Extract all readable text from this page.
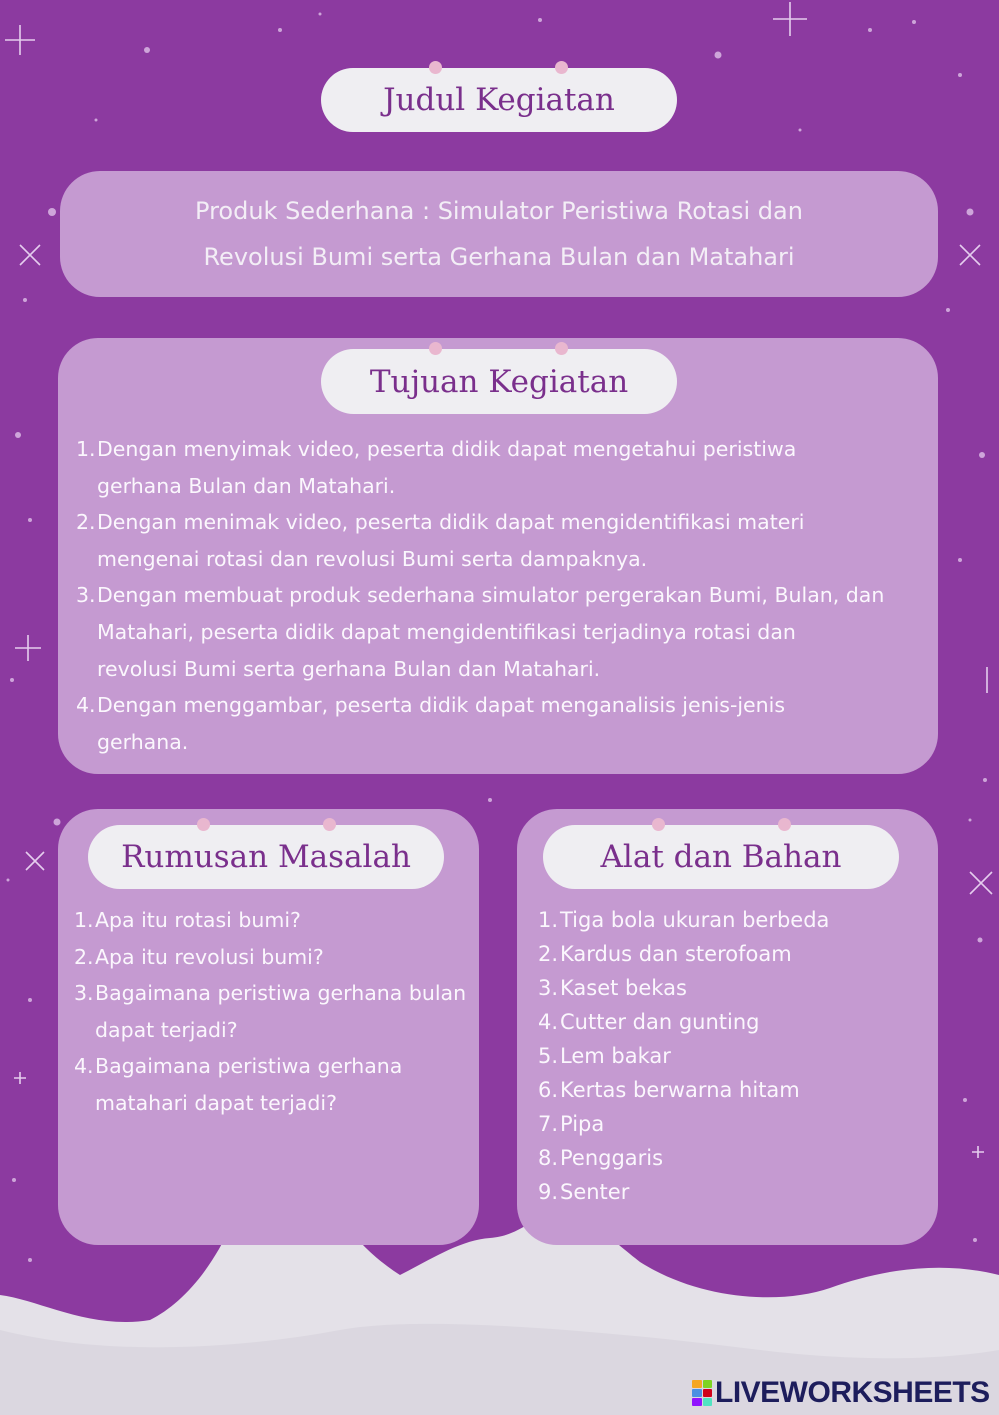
Judul Kegiatan
Produk Sederhana : Simulator Peristiwa Rotasi dan
Revolusi Bumi serta Gerhana Bulan dan Matahari
Tujuan Kegiatan
1. Dengan menyimak video, peserta didik dapat mengetahui peristiwa
gerhana Bulan dan Matahari.
2. Dengan menimak video, peserta didik dapat mengidentifikasi materi
mengenai rotasi dan revolusi Bumi serta dampaknya.
3. Dengan membuat produk sederhana simulator pergerakan Bumi, Bulan, dan
Matahari, peserta didik dapat mengidentifikasi terjadinya rotasi dan
revolusi Bumi serta gerhana Bulan dan Matahari.
4. Dengan menggambar, peserta didik dapat menganalisis jenis-jenis
gerhana.
Rumusan Masalah
1. Apa itu rotasi bumi?
2. Apa itu revolusi bumi?
3. Bagaimana peristiwa gerhana bulan
dapat terjadi?
4. Bagaimana peristiwa gerhana
matahari dapat terjadi?
Alat dan Bahan
1. Tiga bola ukuran berbeda
2. Kardus dan sterofoam
3. Kaset bekas
4. Cutter dan gunting
5. Lem bakar
6. Kertas berwarna hitam
7. Pipa
8. Penggaris
9. Senter
LIVEWORKSHEETS
